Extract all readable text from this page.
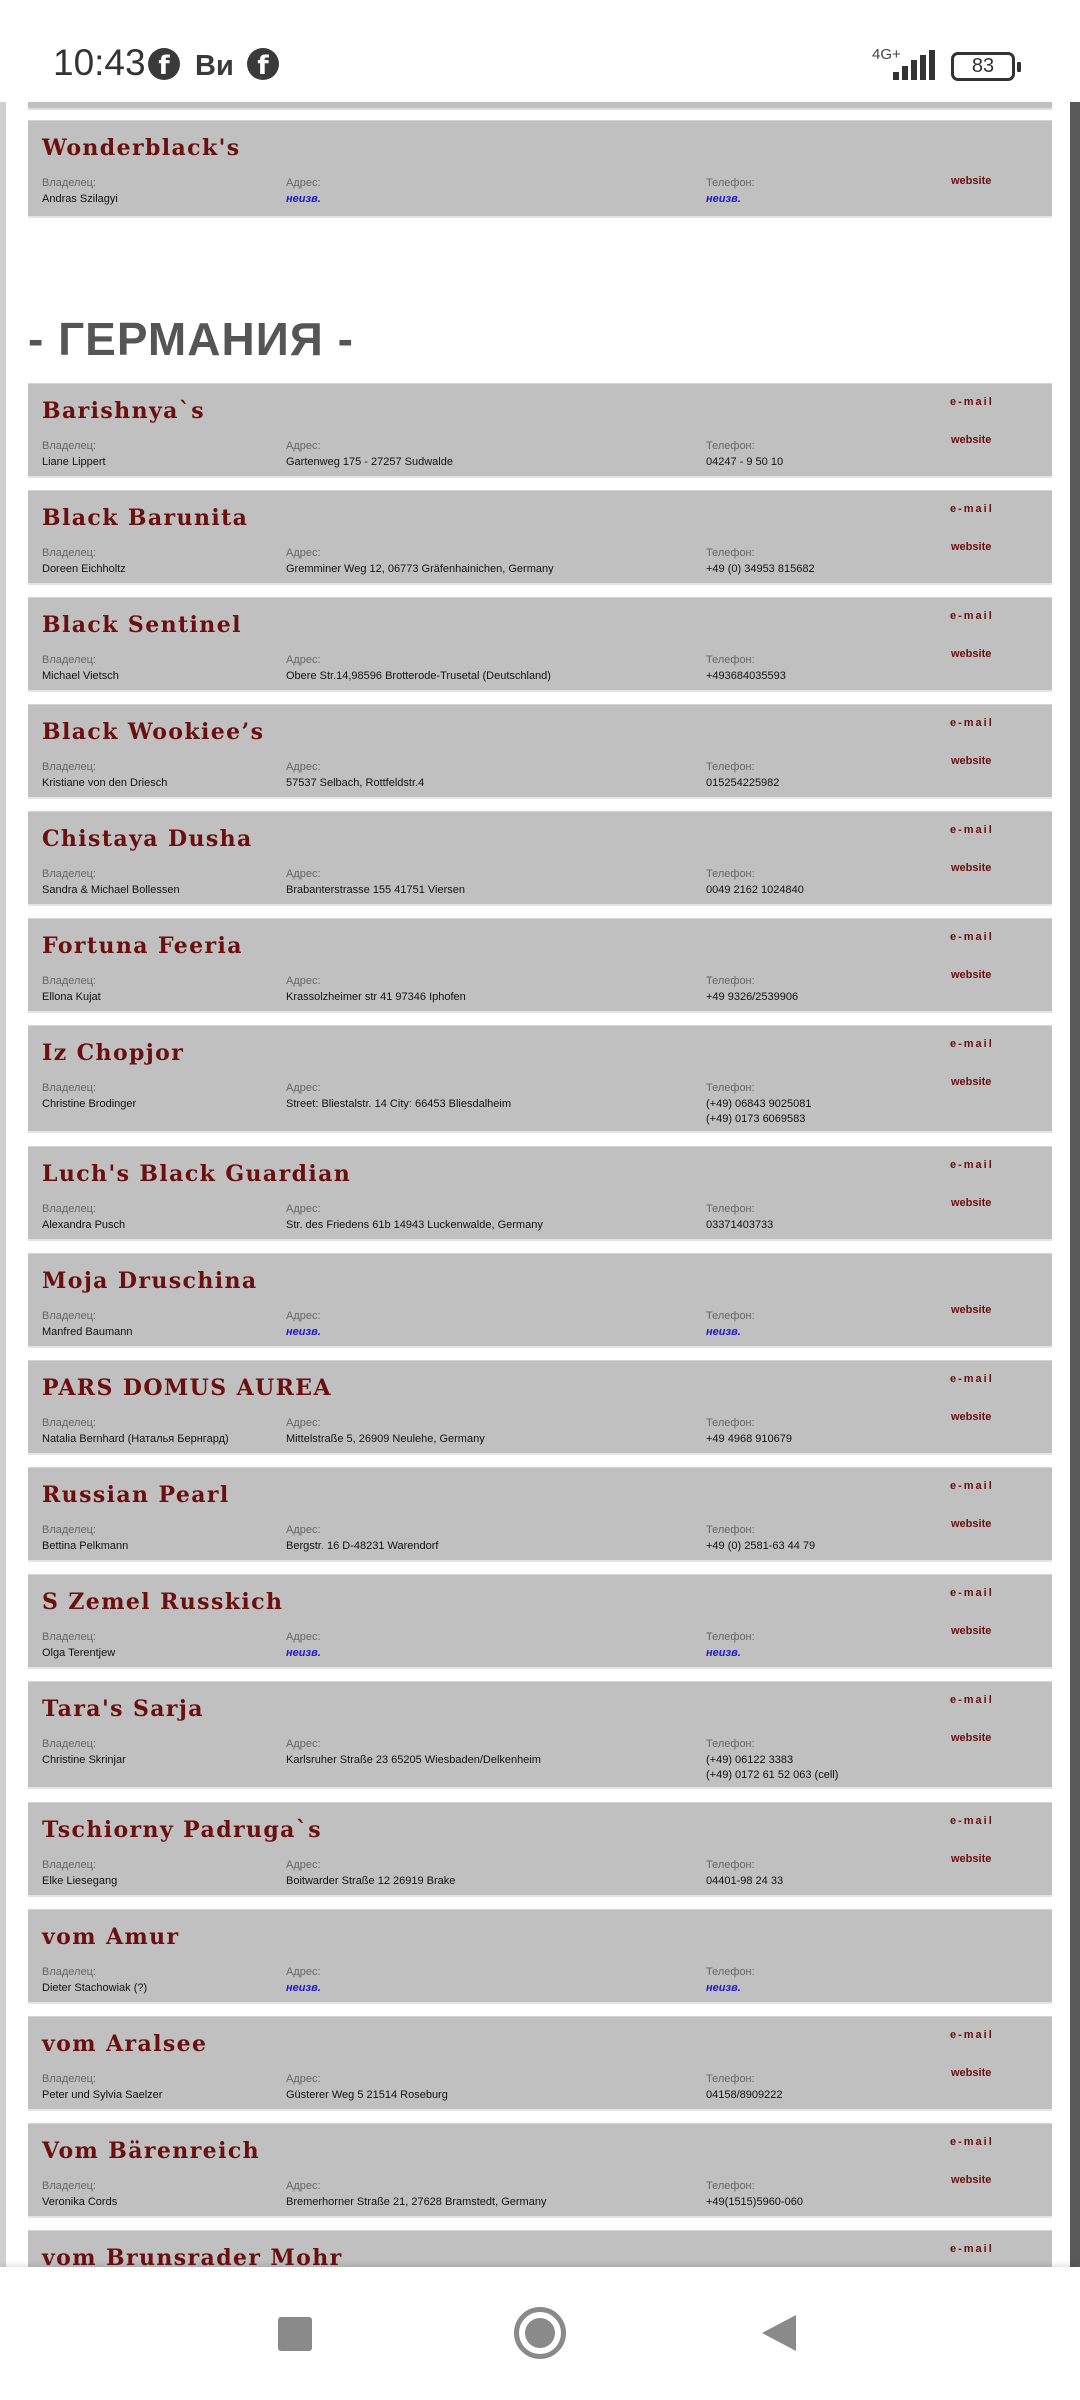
10:43 f Ви f	4G+
83
Wonderblack's
Владелец:
Andras Szilagyi
Адрес:
неизв.
Телефон:
неизв.
website
- ГЕРМАНИЯ -
Barishnya`s
Владелец:
Liane Lippert
Адрес:
Gartenweg 175 - 27257 Sudwalde
Телефон:
04247 - 9 50 10
e-mail
website
Black Barunita
Владелец:
Doreen Eichholtz
Адрес:
Gremminer Weg 12, 06773 Gräfenhainichen, Germany
Телефон:
+49 (0) 34953 815682
e-mail
website
Black Sentinel
Владелец:
Michael Vietsch
Адрес:
Obere Str.14,98596 Brotterode-Trusetal (Deutschland)
Телефон:
+493684035593
e-mail
website
Black Wookiee’s
Владелец:
Kristiane von den Driesch
Адрес:
57537 Selbach, Rottfeldstr.4
Телефон:
015254225982
e-mail
website
Chistaya Dusha
Владелец:
Sandra & Michael Bollessen
Адрес:
Brabanterstrasse 155 41751 Viersen
Телефон:
0049 2162 1024840
e-mail
website
Fortuna Feeria
Владелец:
Ellona Kujat
Адрес:
Krassolzheimer str 41 97346 Iphofen
Телефон:
+49 9326/2539906
e-mail
website
Iz Chopjor
Владелец:
Christine Brodinger
Адрес:
Street: Bliestalstr. 14 City: 66453 Bliesdalheim
Телефон:
(+49) 06843 9025081
(+49) 0173 6069583
e-mail
website
Luch's Black Guardian
Владелец:
Alexandra Pusch
Адрес:
Str. des Friedens 61b 14943 Luckenwalde, Germany
Телефон:
03371403733
e-mail
website
Moja Druschina
Владелец:
Manfred Baumann
Адрес:
неизв.
Телефон:
неизв.
website
PARS DOMUS AUREA
Владелец:
Natalia Bernhard (Наталья Бернгард)
Адрес:
Mittelstraße 5, 26909 Neulehe, Germany
Телефон:
+49 4968 910679
e-mail
website
Russian Pearl
Владелец:
Bettina Pelkmann
Адрес:
Bergstr. 16 D-48231 Warendorf
Телефон:
+49 (0) 2581-63 44 79
e-mail
website
S Zemel Russkich
Владелец:
Olga Terentjew
Адрес:
неизв.
Телефон:
неизв.
e-mail
website
Tara's Sarja
Владелец:
Christine Skrinjar
Адрес:
Karlsruher Straße 23 65205 Wiesbaden/Delkenheim
Телефон:
(+49) 06122 3383
(+49) 0172 61 52 063 (cell)
e-mail
website
Tschiorny Padruga`s
Владелец:
Elke Liesegang
Адрес:
Boitwarder Straße 12 26919 Brake
Телефон:
04401-98 24 33
e-mail
website
vom Amur
Владелец:
Dieter Stachowiak (?)
Адрес:
неизв.
Телефон:
неизв.
vom Aralsee
Владелец:
Peter und Sylvia Saelzer
Адрес:
Güsterer Weg 5 21514 Roseburg
Телефон:
04158/8909222
e-mail
website
Vom Bärenreich
Владелец:
Veronika Cords
Адрес:
Bremerhorner Straße 21, 27628 Bramstedt, Germany
Телефон:
+49(1515)5960-060
e-mail
website
vom Brunsrader Mohr	e-mail
